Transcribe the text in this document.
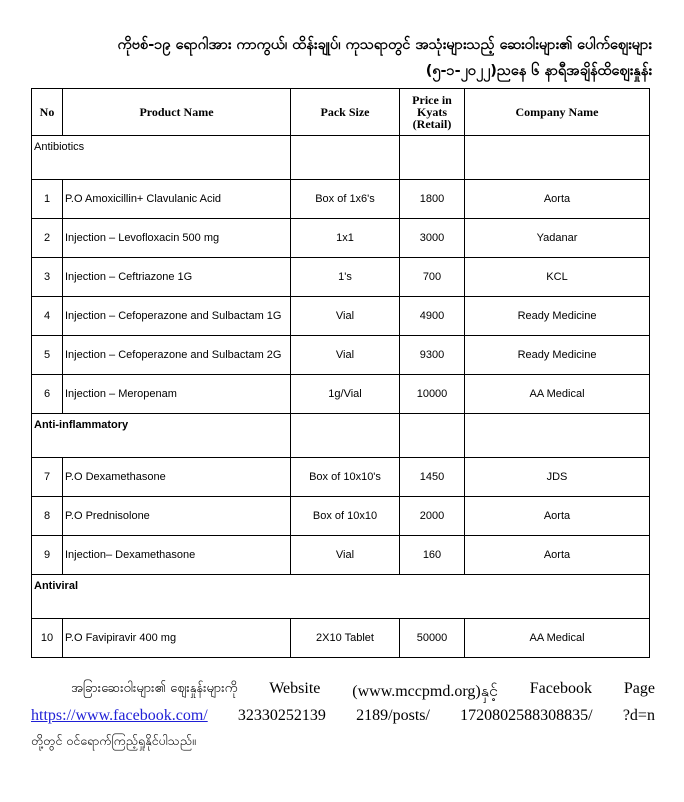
ကိုဗစ်-၁၉ ရောဂါအား ကာကွယ်၊ ထိန်းချုပ်၊ ကုသရာတွင် အသုံးများသည့် ဆေးဝါးများ၏ ပေါက်ဈေးများ
(၅-၁-၂၀၂၂)ညနေ ၆ နာရီအချိန်ထိဈေးနှုန်း
No	Product Name	Pack Size	Price in Kyats (Retail)	Company Name
Antibiotics				
1	P.O Amoxicillin+ Clavulanic Acid	Box of 1x6's	1800	Aorta
2	Injection – Levofloxacin 500 mg	1x1	3000	Yadanar
3	Injection – Ceftriazone 1G	1's	700	KCL
4	Injection – Cefoperazone and Sulbactam 1G	Vial	4900	Ready Medicine
5	Injection – Cefoperazone and Sulbactam 2G	Vial	9300	Ready Medicine
6	Injection – Meropenam	1g/Vial	10000	AA Medical
Anti-inflammatory				
7	P.O Dexamethasone	Box of 10x10's	1450	JDS
8	P.O Prednisolone	Box of 10x10	2000	Aorta
9	Injection– Dexamethasone	Vial	160	Aorta
Antiviral				
10	P.O Favipiravir 400 mg	2X10 Tablet	50000	AA Medical
အခြားဆေးဝါးများ၏ ဈေးနှုန်းများကို Website (www.mccpmd.org)နှင့် Facebook Page
https://www.facebook.com/ 32330252139 2189/posts/ 1720802588308835/ ?d=n
တို့တွင် ဝင်ရောက်ကြည့်ရှုနိုင်ပါသည်။
